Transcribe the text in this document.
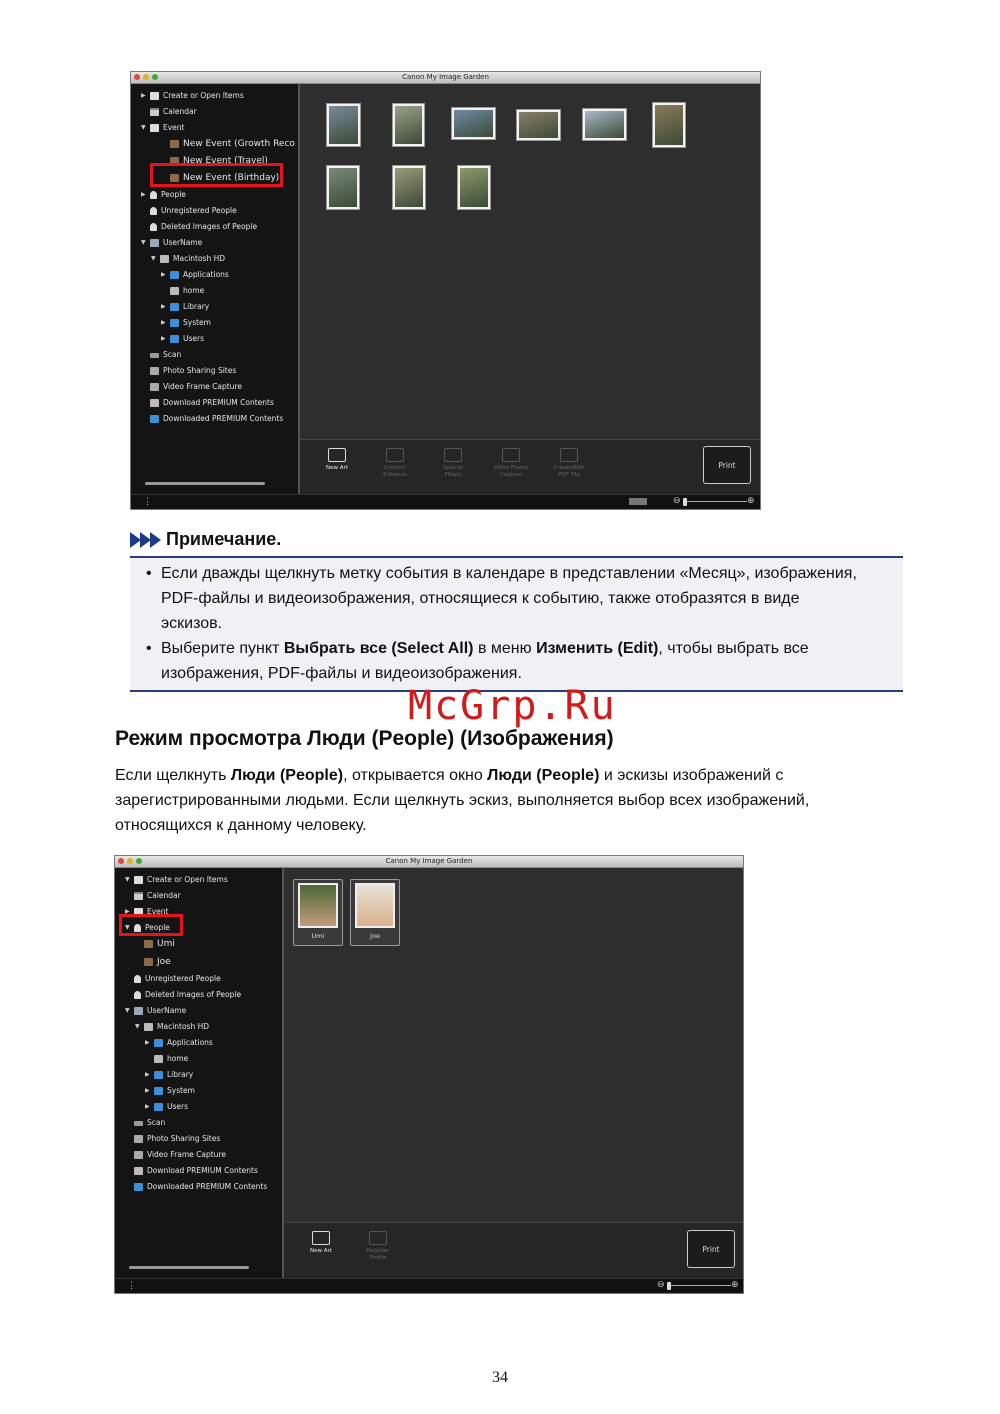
Canon My Image Garden
▶	Create or Open Items
Calendar
▼	Event
New Event (Growth Reco
New Event (Travel)
New Event (Birthday)
▶	People
Unregistered People
Deleted Images of People
▼	UserName
▼	Macintosh HD
▶	Applications
home
▶	Library
▶	System
▶	Users
Scan
Photo Sharing Sites
Video Frame Capture
Download PREMIUM Contents
Downloaded PREMIUM Contents
New Art	Correct/
Enhance
Special
Filters
Video Frame
Capture
Create/Edit
PDF File
Print
⋮	⊖	⊕
Примечание.
• Если дважды щелкнуть метку события в календаре в представлении «Месяц», изображения,
PDF-файлы и видеоизображения, относящиеся к событию, также отобразятся в виде
эскизов.
• Выберите пункт Выбрать все (Select All) в меню Изменить (Edit), чтобы выбрать все
изображения, PDF-файлы и видеоизображения.
McGrp.Ru
Режим просмотра Люди (People) (Изображения)
Если щелкнуть Люди (People), открывается окно Люди (People) и эскизы изображений с
зарегистрированными людьми. Если щелкнуть эскиз, выполняется выбор всех изображений,
относящихся к данному человеку.
Canon My Image Garden
▼	Create or Open Items
Calendar
▶	Event
▼	People
Umi
Joe
Unregistered People
Deleted Images of People
▼	UserName
▼	Macintosh HD
▶	Applications
home
▶	Library
▶	System
▶	Users
Scan
Photo Sharing Sites
Video Frame Capture
Download PREMIUM Contents
Downloaded PREMIUM Contents
Umi	Joe
New Art	Register
Profile
Print
⋮	⊖	⊕
34
